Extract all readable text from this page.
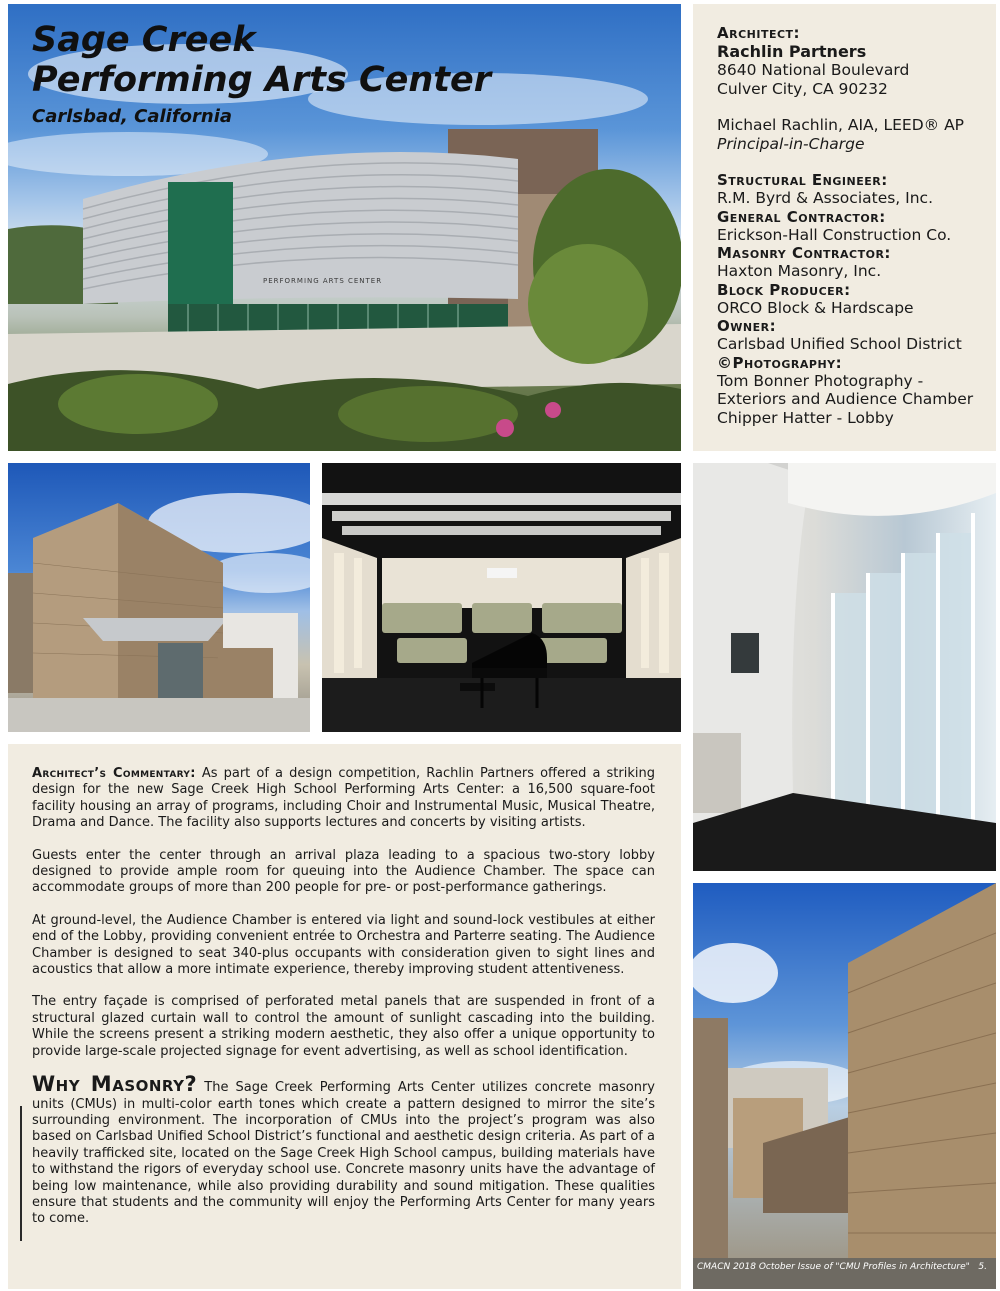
PERFORMING ARTS CENTER
Sage Creek
Performing Arts Center
Carlsbad, California
Architect:
Rachlin Partners
8640 National Boulevard
Culver City, CA 90232
Michael Rachlin, AIA, LEED® AP
Principal-in-Charge
Structural Engineer:
R.M. Byrd & Associates, Inc.
General Contractor:
Erickson-Hall Construction Co.
Masonry Contractor:
Haxton Masonry, Inc.
Block Producer:
ORCO Block & Hardscape
Owner:
Carlsbad Unified School District
©Photography:
Tom Bonner Photography -
Exteriors and Audience Chamber
Chipper Hatter - Lobby
CMACN 2018 October Issue of "CMU Profiles in Architecture" 5.

Architect’s Commentary: As part of a design competition, Rachlin Partners offered a striking design for the new Sage Creek High School Performing Arts Center: a 16,500 square-foot facility housing an array of programs, including Choir and Instrumental Music, Musical Theatre, Drama and Dance. The facility also supports lectures and concerts by visiting artists.

Guests enter the center through an arrival plaza leading to a spacious two-story lobby designed to provide ample room for queuing into the Audience Chamber. The space can accommodate groups of more than 200 people for pre- or post-performance gatherings.

At ground-level, the Audience Chamber is entered via light and sound-lock vestibules at either end of the Lobby, providing convenient entrée to Orchestra and Parterre seating. The Audience Chamber is designed to seat 340-plus occupants with consideration given to sight lines and acoustics that allow a more intimate experience, thereby improving student attentiveness.

The entry façade is comprised of perforated metal panels that are suspended in front of a structural glazed curtain wall to control the amount of sunlight cascading into the building. While the screens present a striking modern aesthetic, they also offer a unique opportunity to provide large-scale projected signage for event advertising, as well as school identification.

Why Masonry? The Sage Creek Performing Arts Center utilizes concrete masonry units (CMUs) in multi-color earth tones which create a pattern designed to mirror the site’s surrounding environment. The incorporation of CMUs into the project’s program was also based on Carlsbad Unified School District’s functional and aesthetic design criteria. As part of a heavily trafficked site, located on the Sage Creek High School campus, building materials have to withstand the rigors of everyday school use. Concrete masonry units have the advantage of being low maintenance, while also providing durability and sound mitigation. These qualities ensure that students and the community will enjoy the Performing Arts Center for many years to come.
